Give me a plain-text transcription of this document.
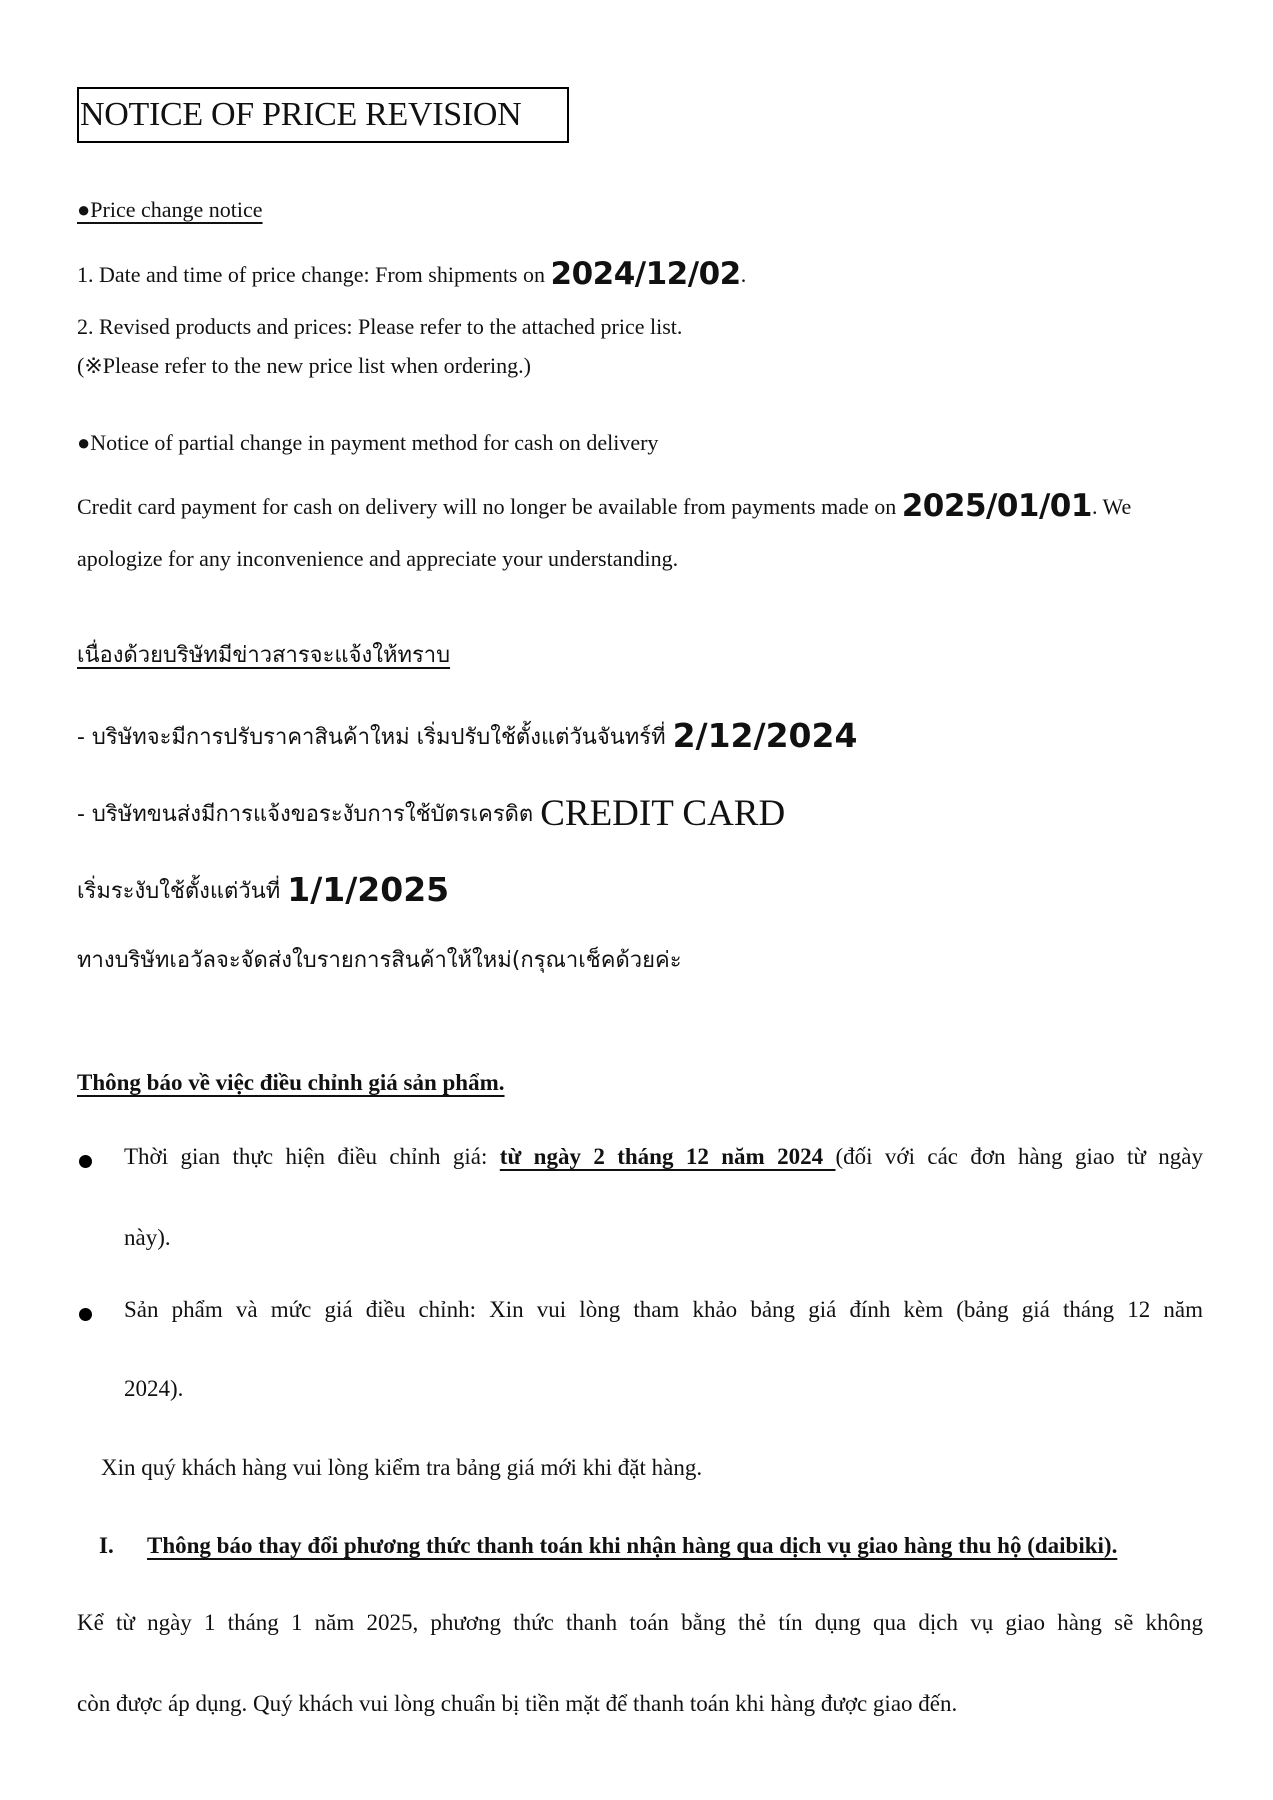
NOTICE OF PRICE REVISION
●Price change notice
1. Date and time of price change: From shipments on 2024/12/02.
2. Revised products and prices: Please refer to the attached price list.
(※Please refer to the new price list when ordering.)
●Notice of partial change in payment method for cash on delivery
Credit card payment for cash on delivery will no longer be available from payments made on 2025/01/01. We
apologize for any inconvenience and appreciate your understanding.
เนื่องด้วยบริษัทมีข่าวสารจะแจ้งให้ทราบ
- บริษัทจะมีการปรับราคาสินค้าใหม่ เริ่มปรับใช้ตั้งแต่วันจันทร์ที่ 2/12/2024
- บริษัทขนส่งมีการแจ้งขอระงับการใช้บัตรเครดิต CREDIT CARD
เริ่มระงับใช้ตั้งแต่วันที่ 1/1/2025
ทางบริษัทเอวัลจะจัดส่งใบรายการสินค้าให้ใหม่(กรุณาเช็คด้วยค่ะ
Thông báo về việc điều chỉnh giá sản phẩm.
Thời gian thực hiện điều chỉnh giá: từ ngày 2 tháng 12 năm 2024 (đối với các đơn hàng giao từ ngày
này).
Sản phẩm và mức giá điều chỉnh: Xin vui lòng tham khảo bảng giá đính kèm (bảng giá tháng 12 năm
2024).
Xin quý khách hàng vui lòng kiểm tra bảng giá mới khi đặt hàng.
I. Thông báo thay đổi phương thức thanh toán khi nhận hàng qua dịch vụ giao hàng thu hộ (daibiki).
Kể từ ngày 1 tháng 1 năm 2025, phương thức thanh toán bằng thẻ tín dụng qua dịch vụ giao hàng sẽ không
còn được áp dụng. Quý khách vui lòng chuẩn bị tiền mặt để thanh toán khi hàng được giao đến.
